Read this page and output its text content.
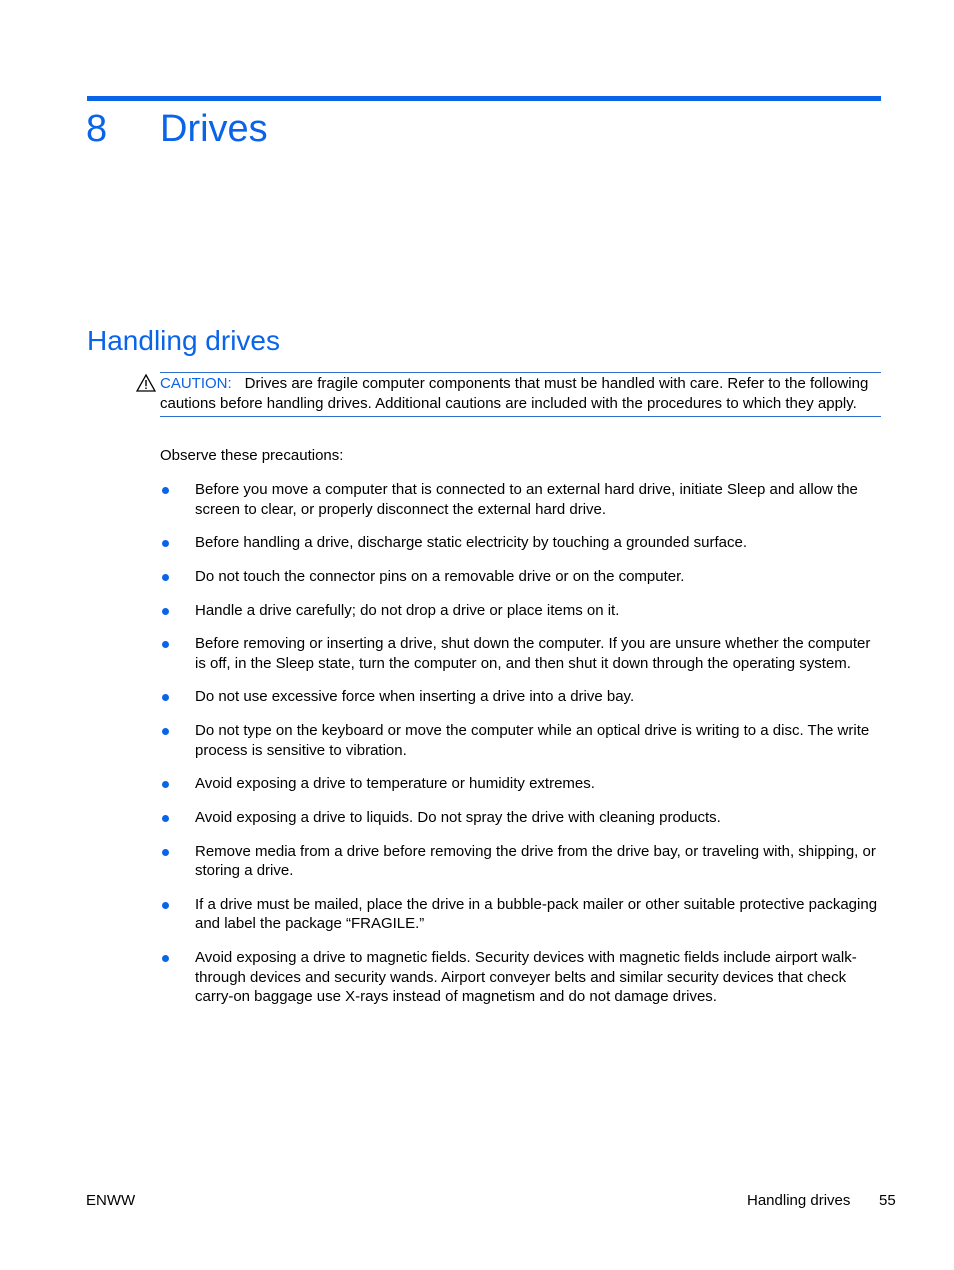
8 Drives
Handling drives
CAUTION: Drives are fragile computer components that must be handled with care. Refer to the following cautions before handling drives. Additional cautions are included with the procedures to which they apply.
Observe these precautions:
Before you move a computer that is connected to an external hard drive, initiate Sleep and allow the screen to clear, or properly disconnect the external hard drive.
Before handling a drive, discharge static electricity by touching a grounded surface.
Do not touch the connector pins on a removable drive or on the computer.
Handle a drive carefully; do not drop a drive or place items on it.
Before removing or inserting a drive, shut down the computer. If you are unsure whether the computer is off, in the Sleep state, turn the computer on, and then shut it down through the operating system.
Do not use excessive force when inserting a drive into a drive bay.
Do not type on the keyboard or move the computer while an optical drive is writing to a disc. The write process is sensitive to vibration.
Avoid exposing a drive to temperature or humidity extremes.
Avoid exposing a drive to liquids. Do not spray the drive with cleaning products.
Remove media from a drive before removing the drive from the drive bay, or traveling with, shipping, or storing a drive.
If a drive must be mailed, place the drive in a bubble-pack mailer or other suitable protective packaging and label the package “FRAGILE.”
Avoid exposing a drive to magnetic fields. Security devices with magnetic fields include airport walk-through devices and security wands. Airport conveyer belts and similar security devices that check carry-on baggage use X-rays instead of magnetism and do not damage drives.
ENWW	Handling drives 55
